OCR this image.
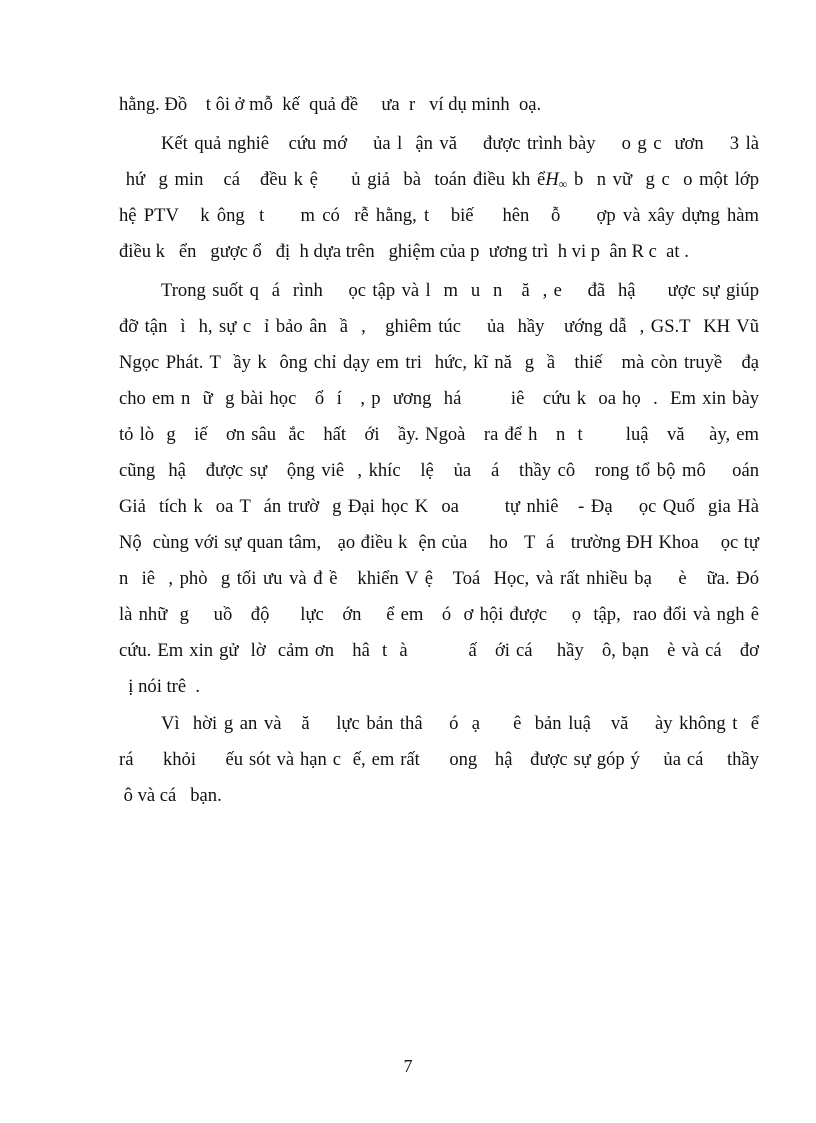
hằng. Đồ    t ôi ở mỗ  kế  quả đề     ưa  r   ví dụ minh  oạ.
Kết quả nghiê   cứu mớ    ủa l  ận vă    được trình bày    o g c  ươn    3 là
hứ  g min   cá   đều k ệ     ủ giả  bà  toán điều kh ểH$_\infty$ b  n vữ  g c  o một lớp
hệ PTV   k ông  t     m có  rễ hằng, t   biế    hên   ỗ     ợp và xây dựng hàm
điều k   ển   gược ổ   đị  h dựa trên   ghiệm của p  ương trì  h vi p  ân R c  at .
Trong suốt q  á  rình    ọc tập và l  m  u  n   ă  , e    đã  hậ     ược sự giúp
đỡ tận  ì  h, sự c  ỉ bảo ân  ầ  ,   ghiêm túc    ủa  hầy   ướng dẫ  , GS.T  KH Vũ
Ngọc Phát. T  ầy k  ông chỉ dạy em tri  hức, kĩ nă  g  ầ   thiế   mà còn truyề   đạ
cho em n  ữ  g bài học   ổ  í   , p  ương  há        iê   cứu k  oa họ  .  Em xin bày
tỏ lò  g   iế   ơn sâu  ắc   hất   ới   ầy. Ngoà   ra để h   n  t       luậ   vă    ày, em
cũng  hậ   được sự   ộng viê  , khíc   lệ   ủa   á   thầy cô   rong tổ bộ mô    oán
Giả  tích k  oa T  án trườ  g Đại học K  oa       tự nhiê   - Đạ    ọc Quố  gia Hà
Nộ  cùng với sự quan tâm,   ạo điều k  ện của    ho   T  á   trường ĐH Khoa    ọc tự
n  iê  , phò  g tối ưu và đ ề   khiển V ệ   Toá  Học, và rất nhiều bạ    è   ữa. Đó
là nhữ  g    uồ   độ     lực   ớn    ể em   ó  ơ hội được    ọ  tập,  rao đổi và ngh ê
cứu. Em xin gử  lờ  cảm ơn   hâ  t  à          ấ   ới cá    hầy   ô, bạn   è và cá   đơ
ị nói trê  .
Vì  hời g an và   ă    lực bản thâ    ó  ạ     ê  bản luậ   vă    ày không t  ể
rá     khỏi     ếu sót và hạn c  ế, em rất     ong   hậ   được sự góp ý    ủa cá    thầy
ô và cá   bạn.
7
